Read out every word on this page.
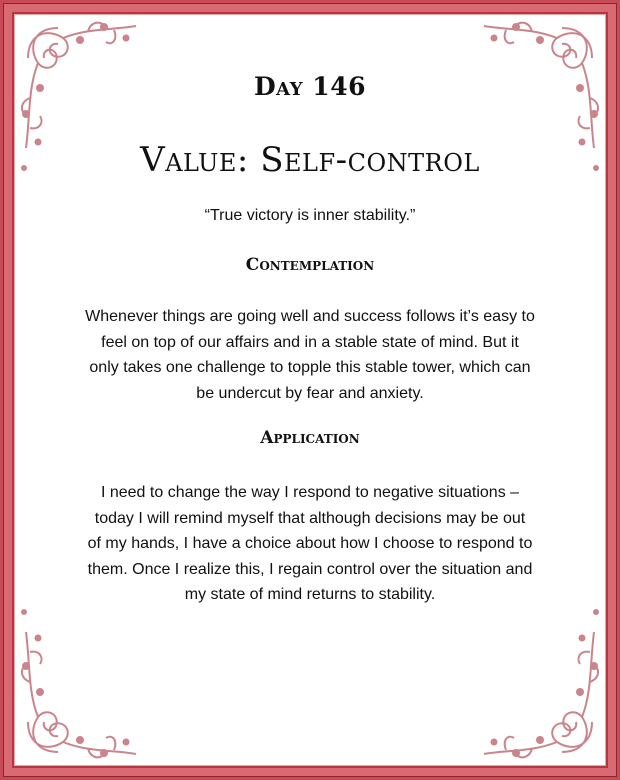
Day 146
Value: Self-control

“True victory is inner stability.”

Contemplation

Whenever things are going well and success follows it’s easy to
feel on top of our affairs and in a stable state of mind. But it
only takes one challenge to topple this stable tower, which can
be undercut by fear and anxiety.

Application

I need to change the way I respond to negative situations –
today I will remind myself that although decisions may be out
of my hands, I have a choice about how I choose to respond to
them. Once I realize this, I regain control over the situation and
my state of mind returns to stability.
